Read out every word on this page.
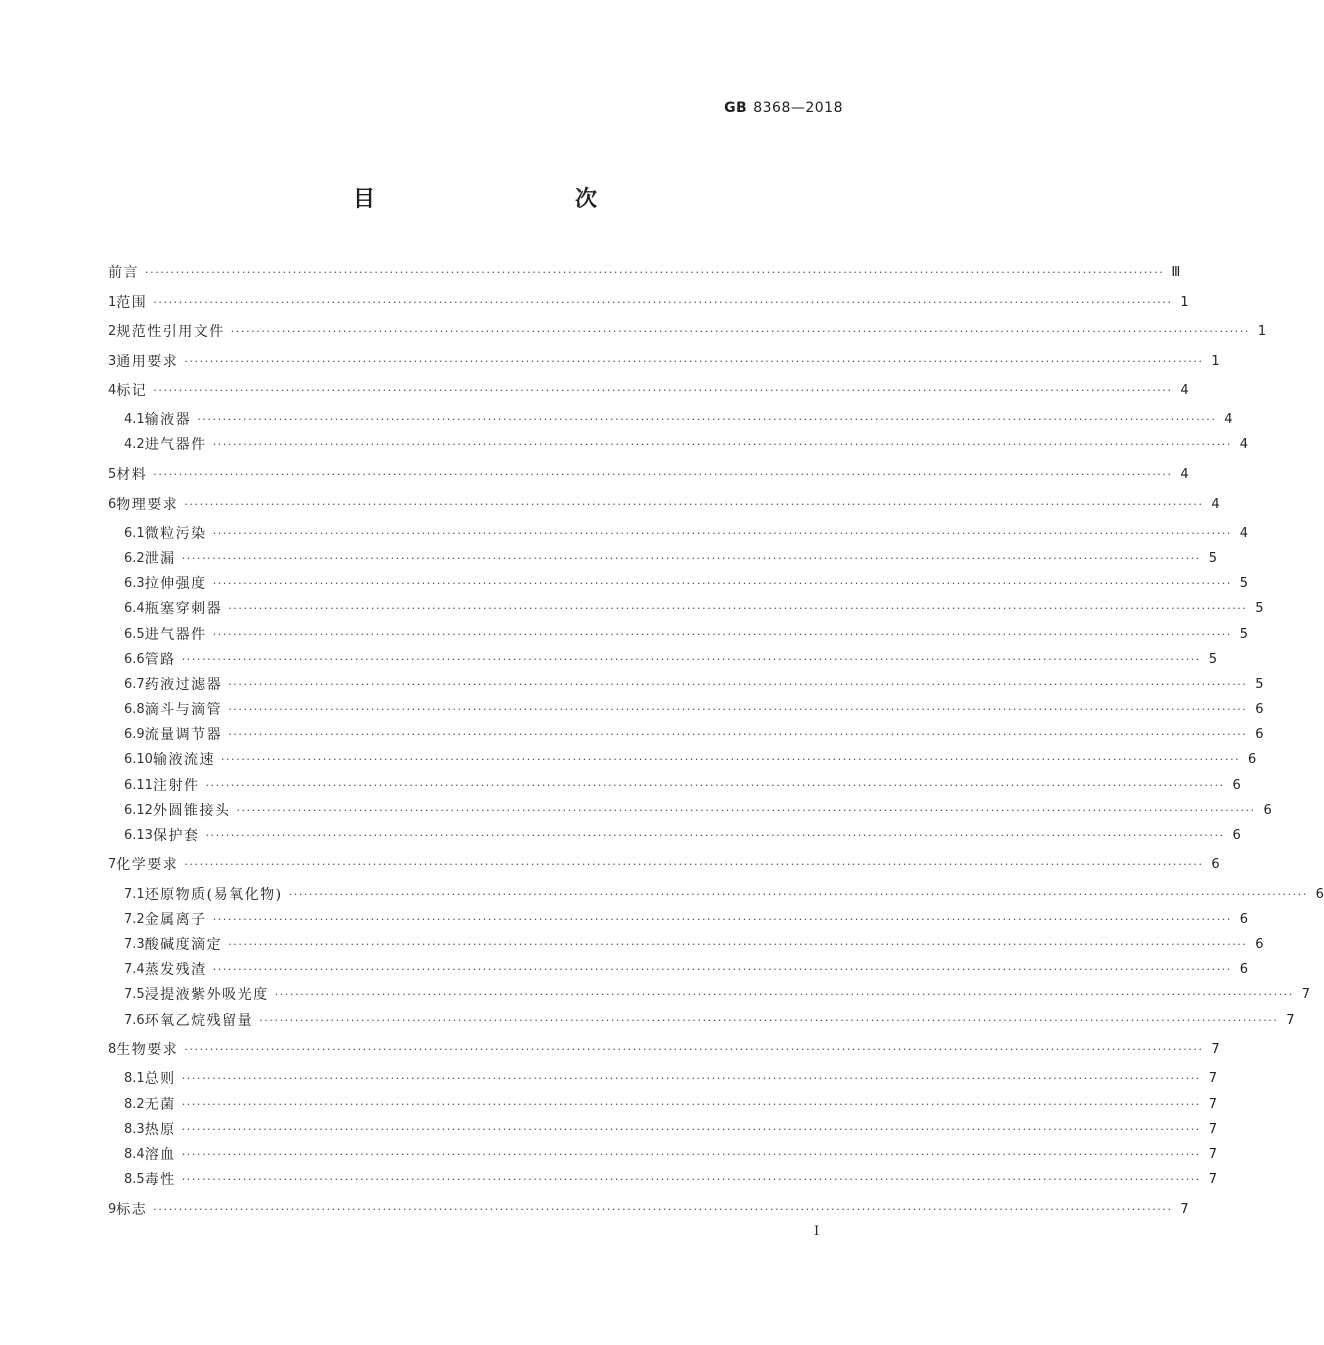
GB 8368—2018
目　　次
前言 ········································································································································································································ Ⅲ
1 范围 ········································································································································································································ 1
2 规范性引用文件 ········································································································································································································ 1
3 通用要求 ········································································································································································································ 1
4 标记 ········································································································································································································ 4
4.1 输液器 ········································································································································································································ 4
4.2 进气器件 ········································································································································································································ 4
5 材料 ········································································································································································································ 4
6 物理要求 ········································································································································································································ 4
6.1 微粒污染 ········································································································································································································ 4
6.2 泄漏 ········································································································································································································ 5
6.3 拉伸强度 ········································································································································································································ 5
6.4 瓶塞穿刺器 ········································································································································································································ 5
6.5 进气器件 ········································································································································································································ 5
6.6 管路 ········································································································································································································ 5
6.7 药液过滤器 ········································································································································································································ 5
6.8 滴斗与滴管 ········································································································································································································ 6
6.9 流量调节器 ········································································································································································································ 6
6.10 输液流速 ········································································································································································································ 6
6.11 注射件 ········································································································································································································ 6
6.12 外圆锥接头 ········································································································································································································ 6
6.13 保护套 ········································································································································································································ 6
7 化学要求 ········································································································································································································ 6
7.1 还原物质(易氧化物) ········································································································································································································ 6
7.2 金属离子 ········································································································································································································ 6
7.3 酸碱度滴定 ········································································································································································································ 6
7.4 蒸发残渣 ········································································································································································································ 6
7.5 浸提液紫外吸光度 ········································································································································································································ 7
7.6 环氧乙烷残留量 ········································································································································································································ 7
8 生物要求 ········································································································································································································ 7
8.1 总则 ········································································································································································································ 7
8.2 无菌 ········································································································································································································ 7
8.3 热原 ········································································································································································································ 7
8.4 溶血 ········································································································································································································ 7
8.5 毒性 ········································································································································································································ 7
9 标志 ········································································································································································································ 7
Ⅰ
